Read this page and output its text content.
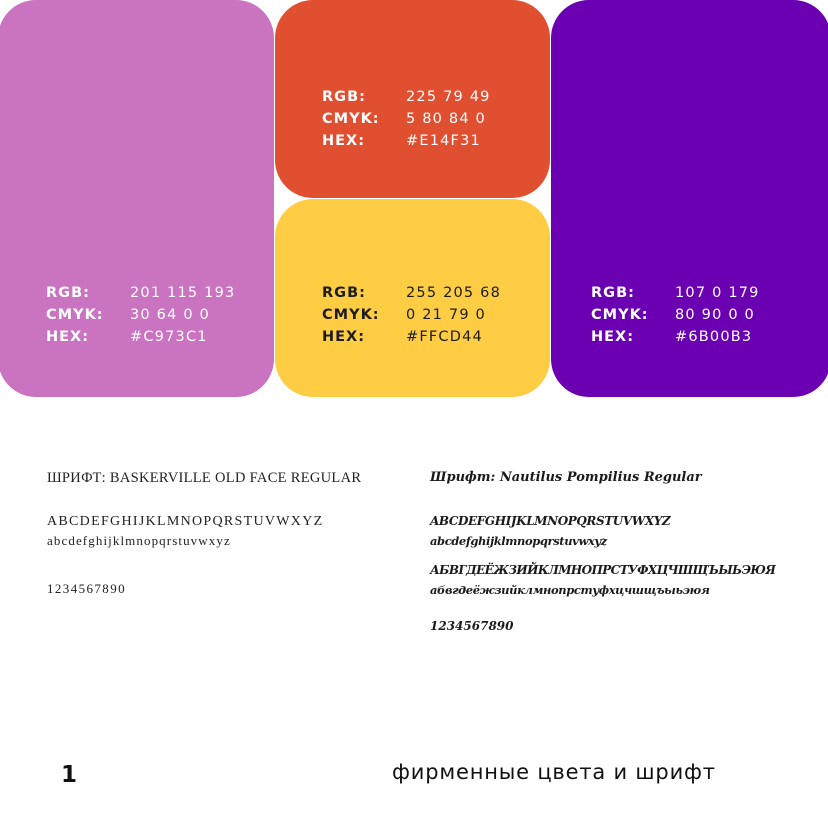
RGB:	201 115 193
CMYK:	30 64 0 0
HEX:	#C973C1
RGB:	225 79 49
CMYK:	5 80 84 0
HEX:	#E14F31
RGB:	255 205 68
CMYK:	0 21 79 0
HEX:	#FFCD44
RGB:	107 0 179
CMYK:	80 90 0 0
HEX:	#6B00B3
ШРИФТ: BASKERVILLE OLD FACE REGULAR
ABCDEFGHIJKLMNOPQRSTUVWXYZ
abcdefghijklmnopqrstuvwxyz
1234567890
Шрифт: Nautilus Pompilius Regular
ABCDEFGHIJKLMNOPQRSTUVWXYZ
abcdefghijklmnopqrstuvwxyz
АБВГДЕЁЖЗИЙКЛМНОПРСТУФХЦЧШЩЪЫЬЭЮЯ
абвгдеёжзийклмнопрстуфхцчшщъыьэюя
1234567890
1	фирменные цвета и шрифт
